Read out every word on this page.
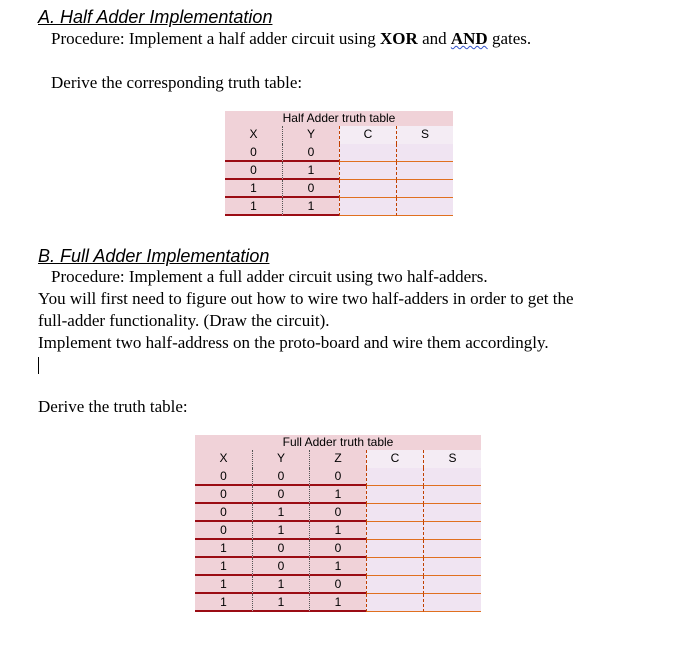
A. Half Adder Implementation
Procedure: Implement a half adder circuit using XOR and AND gates.
Derive the corresponding truth table:
Half Adder truth table
X	Y	C	S
0	0
0	1
1	0
1	1
B. Full Adder Implementation
Procedure: Implement a full adder circuit using two half-adders.
You will first need to figure out how to wire two half-adders in order to get the
full-adder functionality. (Draw the circuit).
Implement two half-address on the proto-board and wire them accordingly.
Derive the truth table:
Full Adder truth table
X	Y	Z	C	S
0	0	0
0	0	1
0	1	0
0	1	1
1	0	0
1	0	1
1	1	0
1	1	1
